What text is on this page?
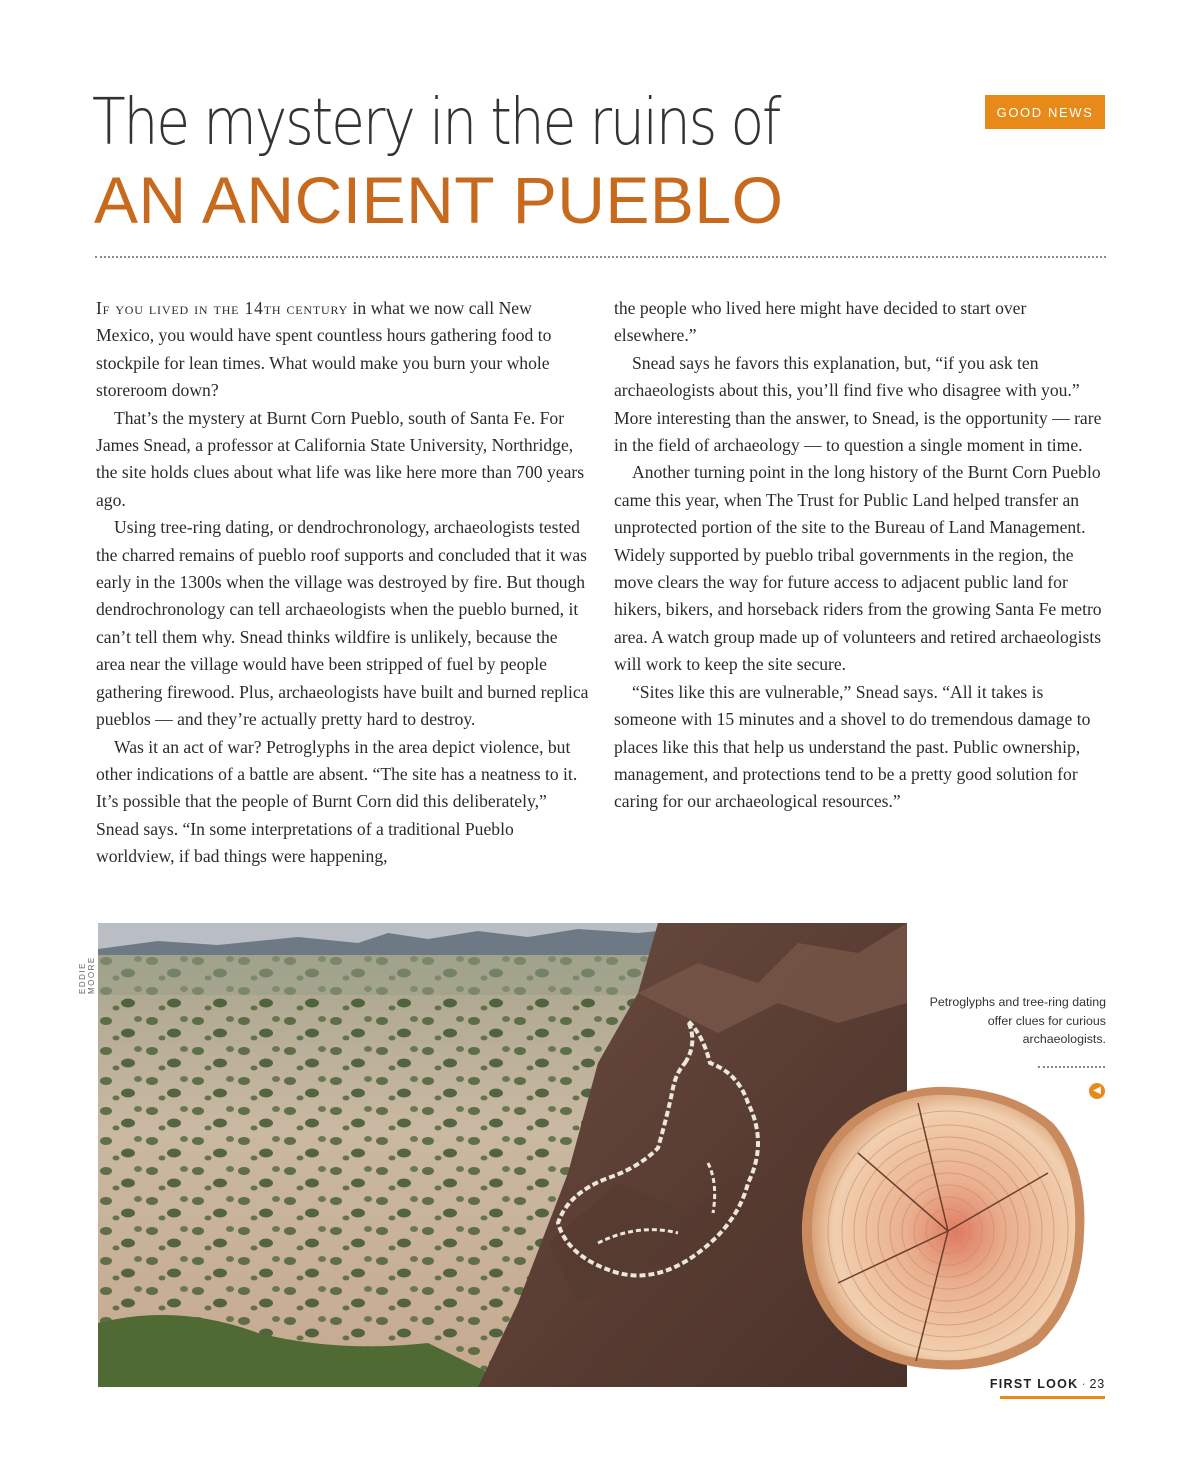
GOOD NEWS
The mystery in the ruins of
AN ANCIENT PUEBLO

If you lived in the 14th century in what we now call New Mexico, you would have spent countless hours gathering food to stockpile for lean times. What would make you burn your whole storeroom down?

That’s the mystery at Burnt Corn Pueblo, south of Santa Fe. For James Snead, a professor at California State University, Northridge, the site holds clues about what life was like here more than 700 years ago.

Using tree-ring dating, or dendrochronology, archaeologists tested the charred remains of pueblo roof supports and concluded that it was early in the 1300s when the village was destroyed by fire. But though dendrochronology can tell archaeologists when the pueblo burned, it can’t tell them why. Snead thinks wildfire is unlikely, because the area near the village would have been stripped of fuel by people gathering firewood. Plus, archaeologists have built and burned replica pueblos — and they’re actually pretty hard to destroy.

Was it an act of war? Petroglyphs in the area depict violence, but other indications of a battle are absent. “The site has a neatness to it. It’s possible that the people of Burnt Corn did this deliberately,” Snead says. “In some interpretations of a traditional Pueblo worldview, if bad things were happening,

the people who lived here might have decided to start over elsewhere.”

Snead says he favors this explanation, but, “if you ask ten archaeologists about this, you’ll find five who disagree with you.” More interesting than the answer, to Snead, is the opportunity — rare in the field of archaeology — to question a single moment in time.

Another turning point in the long history of the Burnt Corn Pueblo came this year, when The Trust for Public Land helped transfer an unprotected portion of the site to the Bureau of Land Management. Widely supported by pueblo tribal governments in the region, the move clears the way for future access to adjacent public land for hikers, bikers, and horseback riders from the growing Santa Fe metro area. A watch group made up of volunteers and retired archaeologists will work to keep the site secure.

“Sites like this are vulnerable,” Snead says. “All it takes is someone with 15 minutes and a shovel to do tremendous damage to places like this that help us understand the past. Public ownership, management, and protections tend to be a pretty good solution for caring for our archaeological resources.”

EDDIE MOORE
Petroglyphs and tree-ring dating offer clues for curious archaeologists.
◀
FIRST LOOK · 23
